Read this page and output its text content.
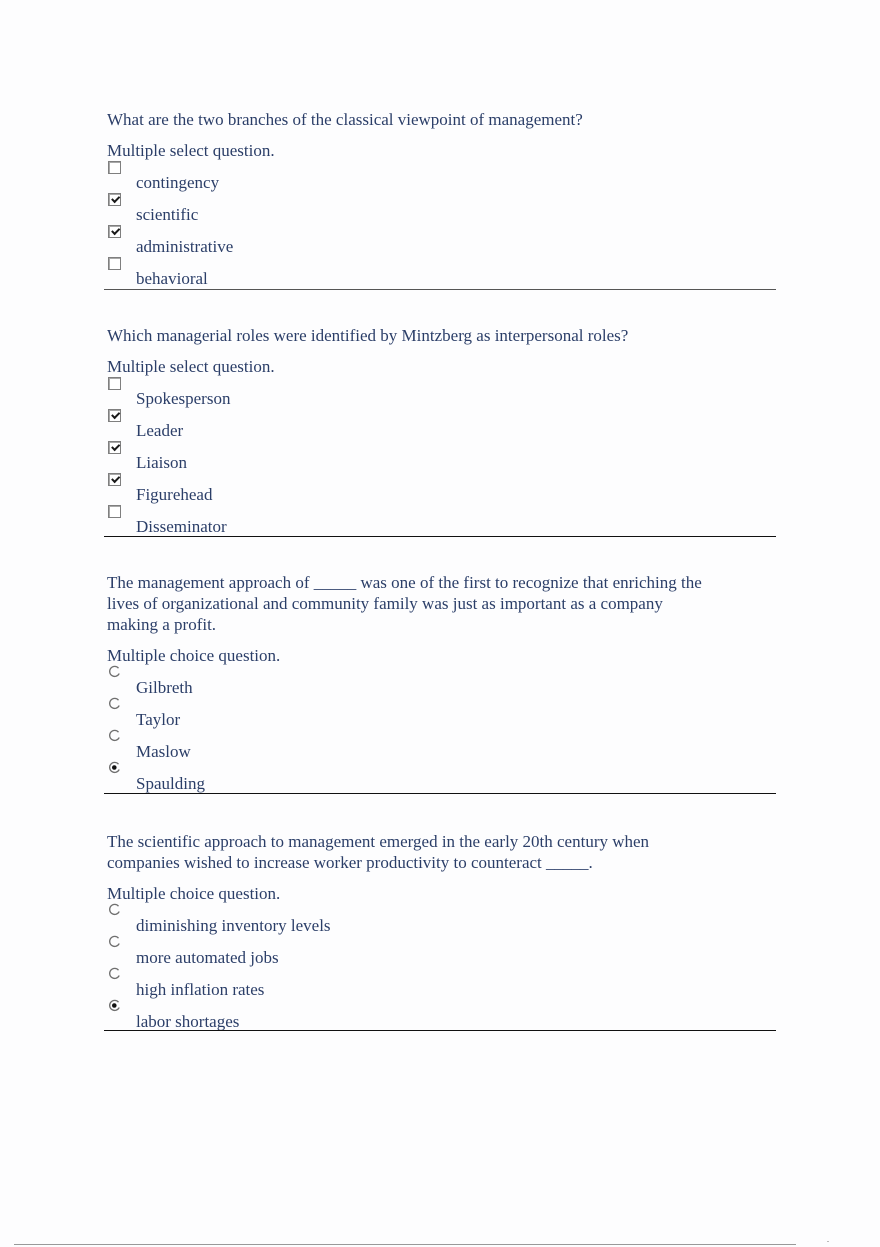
What are the two branches of the classical viewpoint of management?

Multiple select question.

contingency
scientific
administrative
behavioral

Which managerial roles were identified by Mintzberg as interpersonal roles?

Multiple select question.

Spokesperson
Leader
Liaison
Figurehead
Disseminator

The management approach of _____ was one of the first to recognize that enriching the lives of organizational and community family was just as important as a company making a profit.

Multiple choice question.

Gilbreth
Taylor
Maslow
Spaulding

The scientific approach to management emerged in the early 20th century when companies wished to increase worker productivity to counteract _____.

Multiple choice question.

diminishing inventory levels
more automated jobs
high inflation rates
labor shortages
